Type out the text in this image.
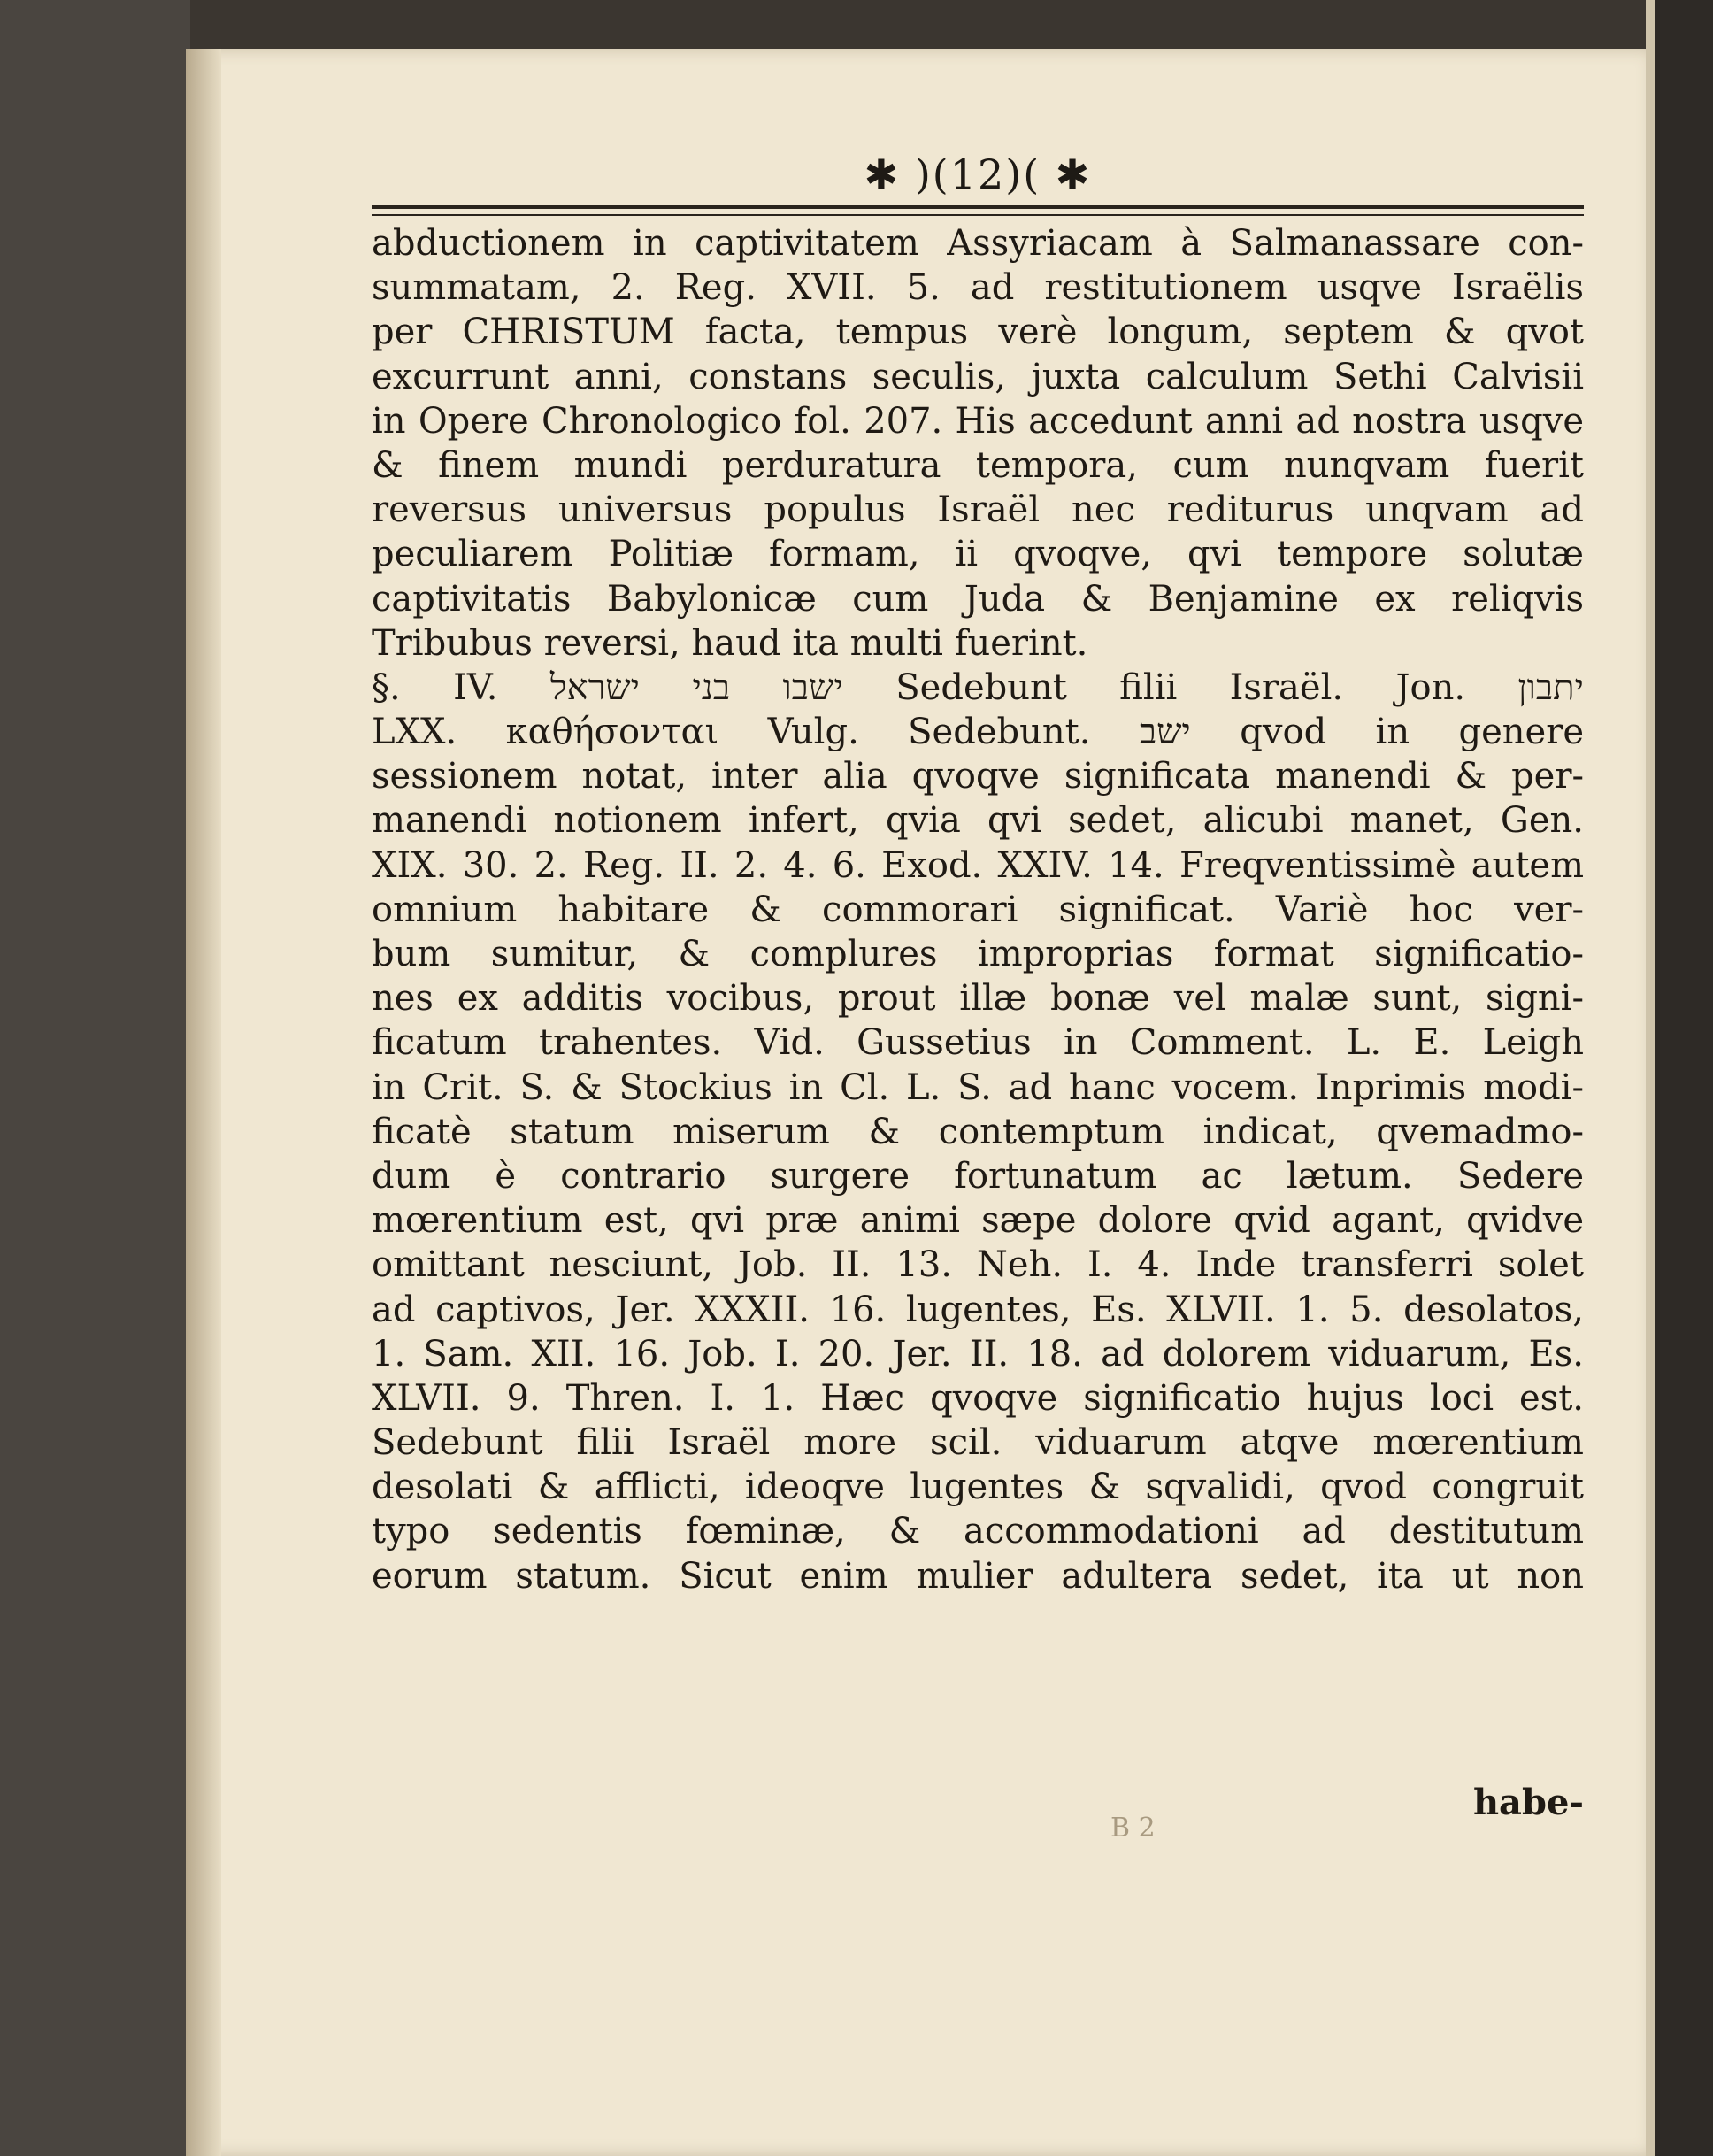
✱ )(12)( ✱
abductionem in captivitatem Assyriacam à Salmanassare con-
summatam, 2. Reg. XVII. 5. ad restitutionem usqve Israëlis
per CHRISTUM facta, tempus verè longum, septem & qvot
excurrunt anni, constans seculis, juxta calculum Sethi Calvisii
in Opere Chronologico fol. 207. His accedunt anni ad nostra usqve
& finem mundi perduratura tempora, cum nunqvam fuerit
reversus universus populus Israël nec rediturus unqvam ad
peculiarem Politiæ formam, ii qvoqve, qvi tempore solutæ
captivitatis Babylonicæ cum Juda & Benjamine ex reliqvis
Tribubus reversi, haud ita multi fuerint.
§. IV. ישבו בני ישראל Sedebunt filii Israël. Jon. יתבון
LXX. καθήσονται Vulg. Sedebunt. ישב qvod in genere
sessionem notat, inter alia qvoqve significata manendi & per-
manendi notionem infert, qvia qvi sedet, alicubi manet, Gen.
XIX. 30. 2. Reg. II. 2. 4. 6. Exod. XXIV. 14. Freqventissimè autem
omnium habitare & commorari significat. Variè hoc ver-
bum sumitur, & complures improprias format significatio-
nes ex additis vocibus, prout illæ bonæ vel malæ sunt, signi-
ficatum trahentes. Vid. Gussetius in Comment. L. E. Leigh
in Crit. S. & Stockius in Cl. L. S. ad hanc vocem. Inprimis modi-
ficatè statum miserum & contemptum indicat, qvemadmo-
dum è contrario surgere fortunatum ac lætum. Sedere
mœrentium est, qvi præ animi sæpe dolore qvid agant, qvidve
omittant nesciunt, Job. II. 13. Neh. I. 4. Inde transferri solet
ad captivos, Jer. XXXII. 16. lugentes, Es. XLVII. 1. 5. desolatos,
1. Sam. XII. 16. Job. I. 20. Jer. II. 18. ad dolorem viduarum, Es.
XLVII. 9. Thren. I. 1. Hæc qvoqve significatio hujus loci est.
Sedebunt filii Israël more scil. viduarum atqve mœrentium
desolati & afflicti, ideoqve lugentes & sqvalidi, qvod congruit
typo sedentis fœminæ, & accommodationi ad destitutum
eorum statum. Sicut enim mulier adultera sedet, ita ut non
habe-
B 2
